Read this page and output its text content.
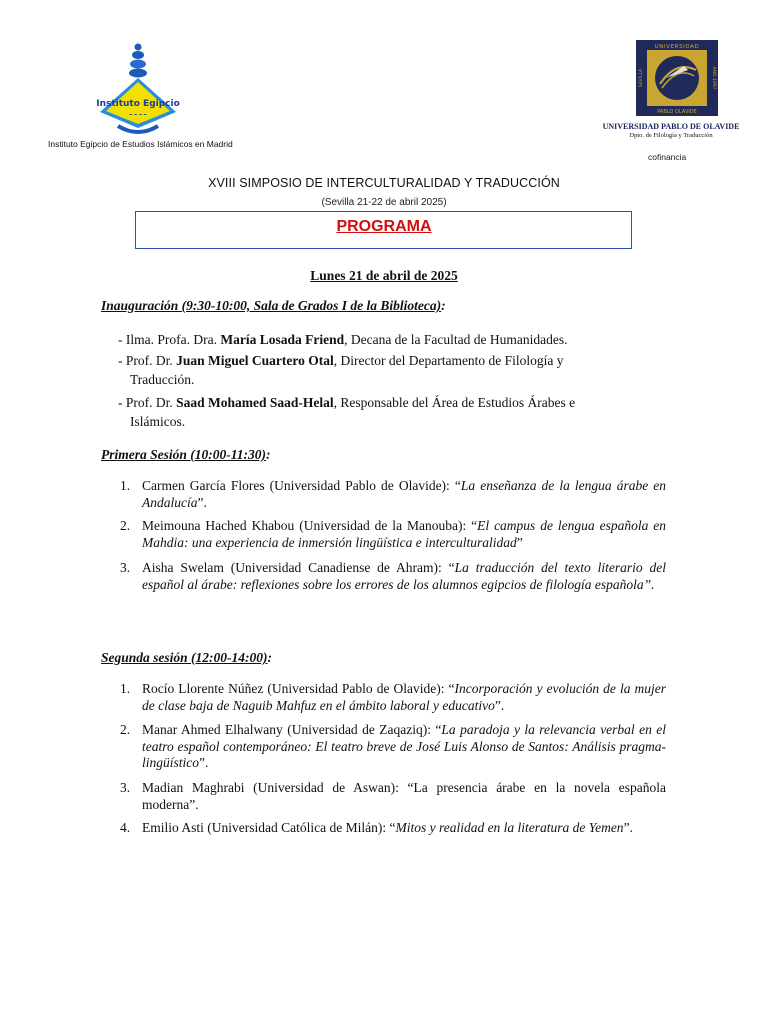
Instituto Egipcio
ـ ـ ـ ـ
Instituto Egipcio de Estudios Islámicos en Madrid
UNIVERSIDAD
PABLO OLAVIDE
SEVILLA	ANO 1997
UNIVERSIDAD PABLO DE OLAVIDE
Dpto. de Filología y Traducción
cofinancia
XVIII SIMPOSIO DE INTERCULTURALIDAD Y TRADUCCIÓN
(Sevilla 21-22 de abril 2025)
PROGRAMA
Lunes 21 de abril de 2025
Inauguración (9:30-10:00, Sala de Grados I de la Biblioteca):
- Ilma. Profa. Dra. María Losada Friend, Decana de la Facultad de Humanidades.
- Prof. Dr. Juan Miguel Cuartero Otal, Director del Departamento de Filología y
Traducción.
- Prof. Dr. Saad Mohamed Saad-Helal, Responsable del Área de Estudios Árabes e
Islámicos.
Primera Sesión (10:00-11:30):
1. Carmen García Flores (Universidad Pablo de Olavide): “La enseñanza de la lengua árabe en Andalucía”.
2. Meimouna Hached Khabou (Universidad de la Manouba): “El campus de lengua española en Mahdia: una experiencia de inmersión lingüística e interculturalidad”
3. Aisha Swelam (Universidad Canadiense de Ahram): “La traducción del texto literario del español al árabe: reflexiones sobre los errores de los alumnos egipcios de filología española”.
Segunda sesión (12:00-14:00):
1. Rocío Llorente Núñez (Universidad Pablo de Olavide): “Incorporación y evolución de la mujer de clase baja de Naguib Mahfuz en el ámbito laboral y educativo”.
2. Manar Ahmed Elhalwany (Universidad de Zaqaziq): “La paradoja y la relevancia verbal en el teatro español contemporáneo: El teatro breve de José Luis Alonso de Santos: Análisis pragma-lingüístico”.
3. Madian Maghrabi (Universidad de Aswan): “La presencia árabe en la novela española moderna”.
4. Emilio Asti (Universidad Católica de Milán): “Mitos y realidad en la literatura de Yemen”.
